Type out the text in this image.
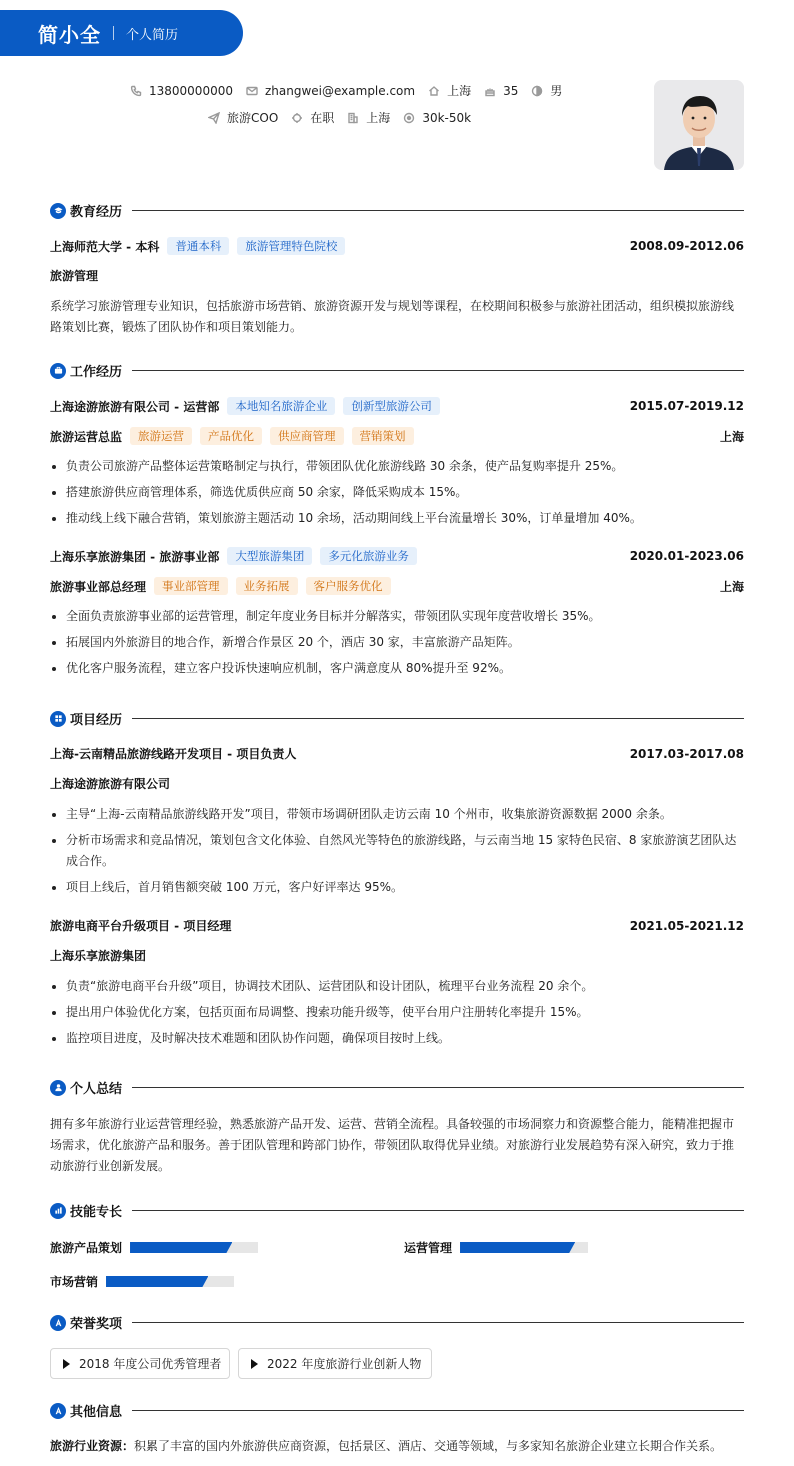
简小全 个人简历
13800000000	zhangwei@example.com	上海	35	男
旅游COO	在职	上海	30k-50k
教育经历
上海师范大学 - 本科	普通本科	旅游管理特色院校	2008.09-2012.06
旅游管理
系统学习旅游管理专业知识，包括旅游市场营销、旅游资源开发与规划等课程，在校期间积极参与旅游社团活动，组织模拟旅游线路策划比赛，锻炼了团队协作和项目策划能力。
工作经历
上海途游旅游有限公司 - 运营部	本地知名旅游企业	创新型旅游公司	2015.07-2019.12
旅游运营总监	旅游运营	产品优化	供应商管理	营销策划	上海
负责公司旅游产品整体运营策略制定与执行，带领团队优化旅游线路 30 余条，使产品复购率提升 25%。
搭建旅游供应商管理体系，筛选优质供应商 50 余家，降低采购成本 15%。
推动线上线下融合营销，策划旅游主题活动 10 余场，活动期间线上平台流量增长 30%，订单量增加 40%。
上海乐享旅游集团 - 旅游事业部	大型旅游集团	多元化旅游业务	2020.01-2023.06
旅游事业部总经理	事业部管理	业务拓展	客户服务优化	上海
全面负责旅游事业部的运营管理，制定年度业务目标并分解落实，带领团队实现年度营收增长 35%。
拓展国内外旅游目的地合作，新增合作景区 20 个，酒店 30 家，丰富旅游产品矩阵。
优化客户服务流程，建立客户投诉快速响应机制，客户满意度从 80%提升至 92%。
项目经历
上海-云南精品旅游线路开发项目 - 项目负责人	2017.03-2017.08
上海途游旅游有限公司
主导“上海-云南精品旅游线路开发”项目，带领市场调研团队走访云南 10 个州市，收集旅游资源数据 2000 余条。
分析市场需求和竞品情况，策划包含文化体验、自然风光等特色的旅游线路，与云南当地 15 家特色民宿、8 家旅游演艺团队达成合作。
项目上线后，首月销售额突破 100 万元，客户好评率达 95%。
旅游电商平台升级项目 - 项目经理	2021.05-2021.12
上海乐享旅游集团
负责“旅游电商平台升级”项目，协调技术团队、运营团队和设计团队，梳理平台业务流程 20 余个。
提出用户体验优化方案，包括页面布局调整、搜索功能升级等，使平台用户注册转化率提升 15%。
监控项目进度，及时解决技术难题和团队协作问题，确保项目按时上线。
个人总结
拥有多年旅游行业运营管理经验，熟悉旅游产品开发、运营、营销全流程。具备较强的市场洞察力和资源整合能力，能精准把握市场需求，优化旅游产品和服务。善于团队管理和跨部门协作，带领团队取得优异业绩。对旅游行业发展趋势有深入研究，致力于推动旅游行业创新发展。
技能专长
旅游产品策划	运营管理
市场营销
荣誉奖项
2018 年度公司优秀管理者	2022 年度旅游行业创新人物
其他信息
旅游行业资源：积累了丰富的国内外旅游供应商资源，包括景区、酒店、交通等领域，与多家知名旅游企业建立长期合作关系。
